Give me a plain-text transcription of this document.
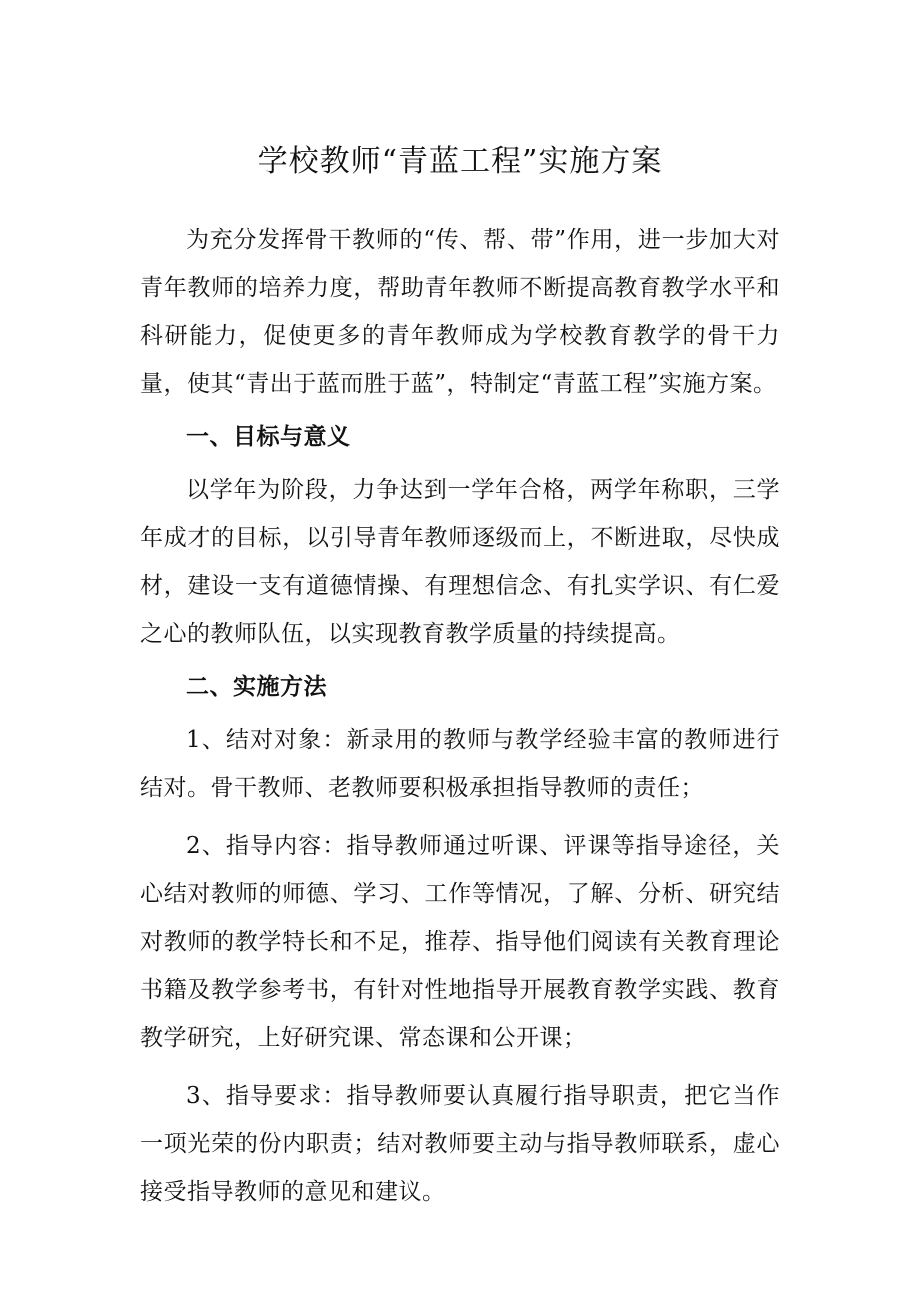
学校教师“青蓝工程”实施方案

为充分发挥骨干教师的“传、帮、带”作用，进一步加大对青年教师的培养力度，帮助青年教师不断提高教育教学水平和科研能力，促使更多的青年教师成为学校教育教学的骨干力量，使其“青出于蓝而胜于蓝”，特制定“青蓝工程”实施方案。

一、目标与意义

以学年为阶段，力争达到一学年合格，两学年称职，三学年成才的目标，以引导青年教师逐级而上，不断进取，尽快成材，建设一支有道德情操、有理想信念、有扎实学识、有仁爱之心的教师队伍，以实现教育教学质量的持续提高。

二、实施方法

1、结对对象：新录用的教师与教学经验丰富的教师进行结对。骨干教师、老教师要积极承担指导教师的责任；

2、指导内容：指导教师通过听课、评课等指导途径，关心结对教师的师德、学习、工作等情况，了解、分析、研究结对教师的教学特长和不足，推荐、指导他们阅读有关教育理论书籍及教学参考书，有针对性地指导开展教育教学实践、教育教学研究，上好研究课、常态课和公开课；

3、指导要求：指导教师要认真履行指导职责，把它当作一项光荣的份内职责；结对教师要主动与指导教师联系，虚心接受指导教师的意见和建议。
